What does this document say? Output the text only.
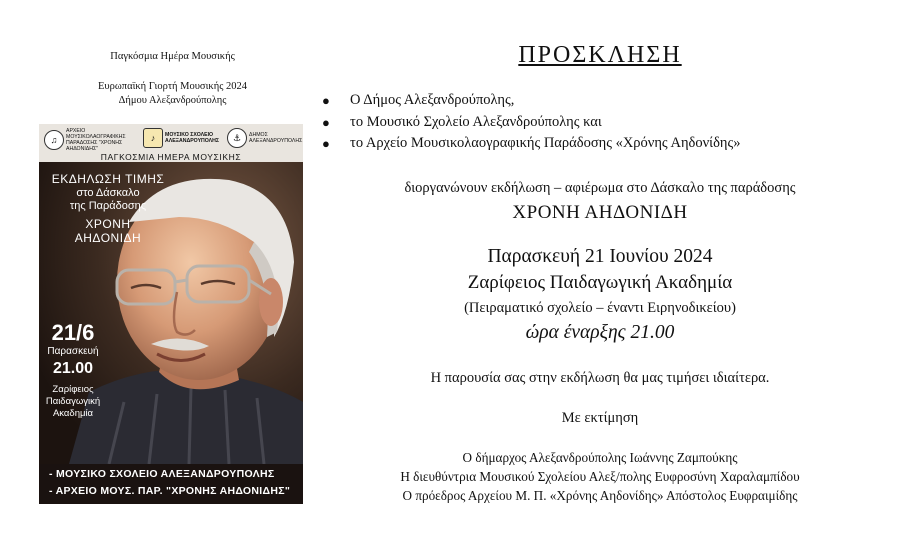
Παγκόσμια Ημέρα Μουσικής
Ευρωπαϊκή Γιορτή Μουσικής 2024
Δήμου Αλεξανδρούπολης
♫
ΑΡΧΕΙΟ ΜΟΥΣΙΚΟΛΑΟΓΡΑΦΙΚΗΣ ΠΑΡΑΔΟΣΗΣ "ΧΡΟΝΗΣ ΑΗΔΟΝΙΔΗΣ"
♪	ΜΟΥΣΙΚΟ ΣΧΟΛΕΙΟ ΑΛΕΞΑΝΔΡΟΥΠΟΛΗΣ	⚓	ΔΗΜΟΣ ΑΛΕΞΑΝΔΡΟΥΠΟΛΗΣ
ΠΑΓΚΟΣΜΙΑ ΗΜΕΡΑ ΜΟΥΣΙΚΗΣ
ΕΚΔΗΛΩΣΗ ΤΙΜΗΣ
στο Δάσκαλο
της Παράδοσης
ΧΡΟΝΗ
ΑΗΔΟΝΙΔΗ
21/6
Παρασκευή
21.00
Ζαρίφειος
Παιδαγωγική
Ακαδημία
- ΜΟΥΣΙΚΟ ΣΧΟΛΕΙΟ ΑΛΕΞΑΝΔΡΟΥΠΟΛΗΣ
- ΑΡΧΕΙΟ ΜΟΥΣ. ΠΑΡ. "ΧΡΟΝΗΣ ΑΗΔΟΝΙΔΗΣ"
ΠΡΟΣΚΛΗΣΗ
● Ο Δήμος Αλεξανδρούπολης,
● το Μουσικό Σχολείο Αλεξανδρούπολης και
● το Αρχείο Μουσικολαογραφικής Παράδοσης «Χρόνης Αηδονίδης»
διοργανώνουν εκδήλωση – αφιέρωμα στο Δάσκαλο της παράδοσης
ΧΡΟΝΗ ΑΗΔΟΝΙΔΗ
Παρασκευή 21 Ιουνίου 2024
Ζαρίφειος Παιδαγωγική Ακαδημία
(Πειραματικό σχολείο – έναντι Ειρηνοδικείου)
ώρα έναρξης 21.00
Η παρουσία σας στην εκδήλωση θα μας τιμήσει ιδιαίτερα.
Με εκτίμηση
Ο δήμαρχος Αλεξανδρούπολης Ιωάννης Ζαμπούκης
Η διευθύντρια Μουσικού Σχολείου Αλεξ/πολης Ευφροσύνη Χαραλαμπίδου
Ο πρόεδρος Αρχείου Μ. Π. «Χρόνης Αηδονίδης» Απόστολος Ευφραιμίδης
